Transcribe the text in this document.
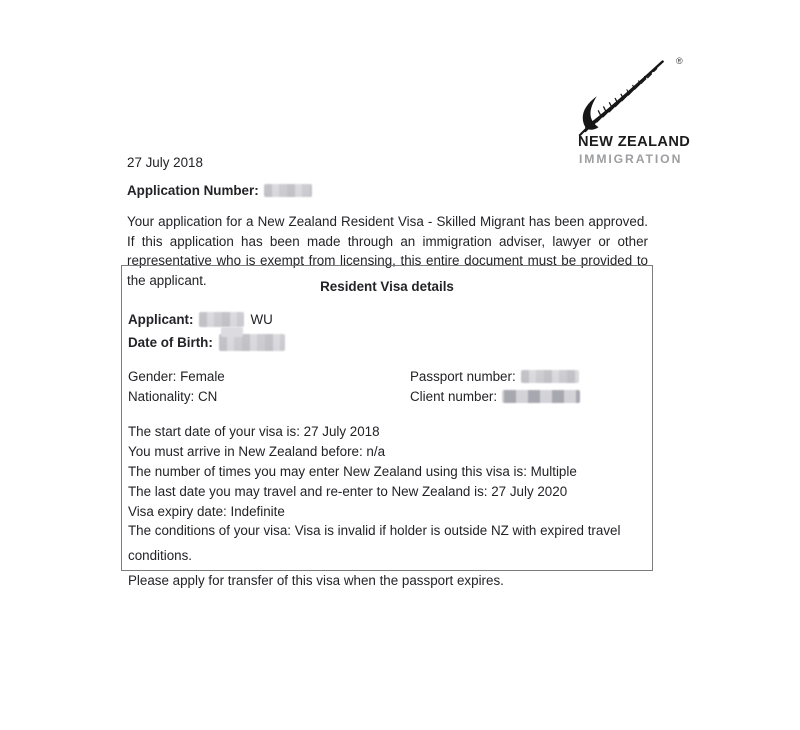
®
NEW ZEALAND
IMMIGRATION
27 July 2018
Application Number:
Your application for a New Zealand Resident Visa - Skilled Migrant has been approved. If this application has been made through an immigration adviser, lawyer or other representative who is exempt from licensing, this entire document must be provided to the applicant.	Resident Visa details
Applicant:	WU
Date of Birth:
Gender: Female
Nationality: CN
Passport number:
Client number:
The start date of your visa is: 27 July 2018
You must arrive in New Zealand before: n/a
The number of times you may enter New Zealand using this visa is: Multiple
The last date you may travel and re-enter to New Zealand is: 27 July 2020
Visa expiry date: Indefinite
The conditions of your visa: Visa is invalid if holder is outside NZ with expired travel conditions.
Please apply for transfer of this visa when the passport expires.
